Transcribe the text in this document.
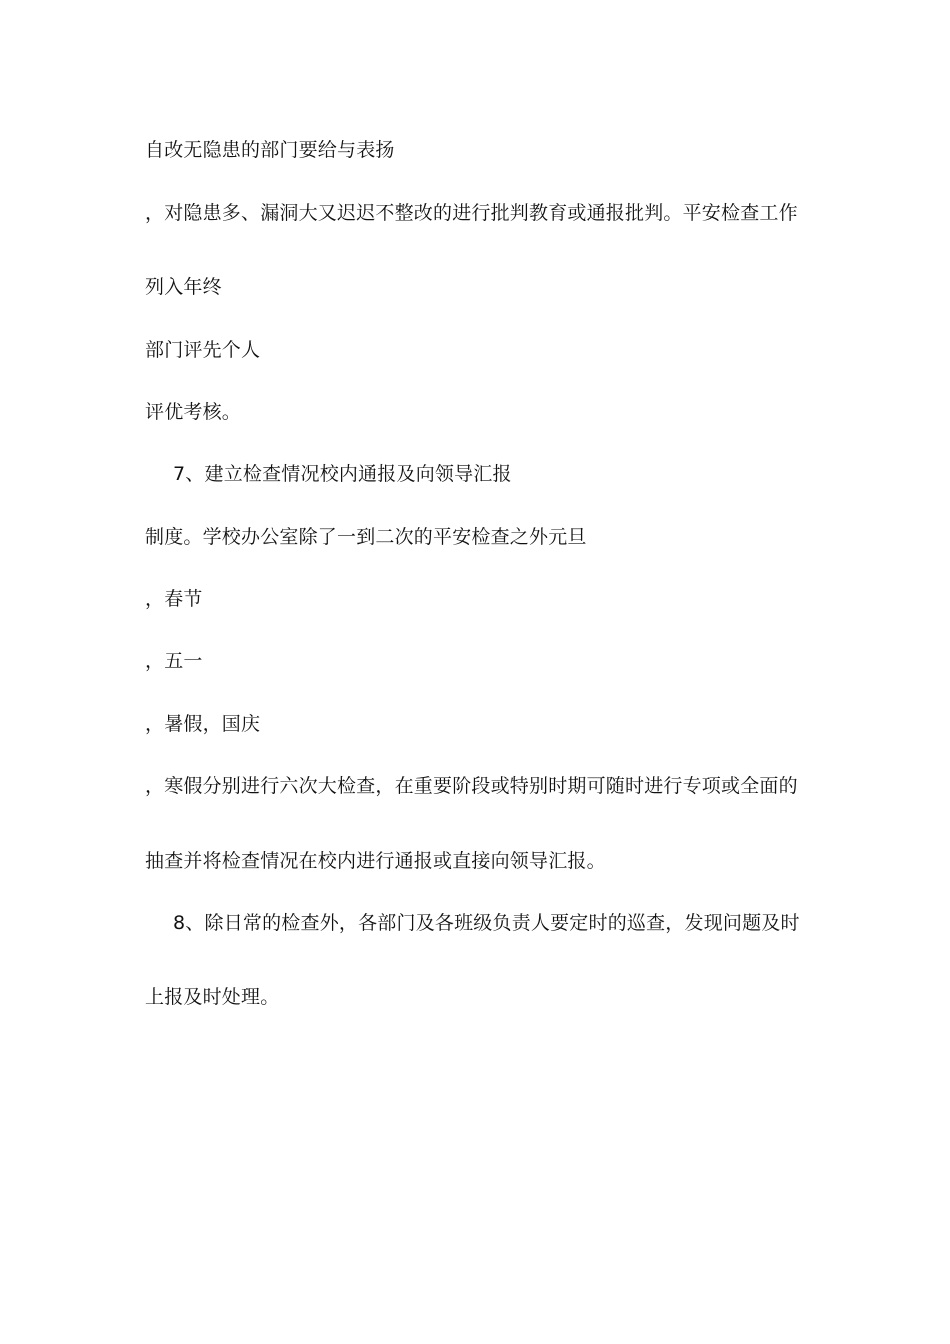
自改无隐患的部门要给与表扬
，对隐患多、漏洞大又迟迟不整改的进行批判教育或通报批判。平安检查工作
列入年终
部门评先个人
评优考核。
7、建立检查情况校内通报及向领导汇报
制度。学校办公室除了一到二次的平安检查之外元旦
，春节
，五一
，暑假，国庆
，寒假分别进行六次大检查，在重要阶段或特别时期可随时进行专项或全面的
抽查并将检查情况在校内进行通报或直接向领导汇报。
8、除日常的检查外，各部门及各班级负责人要定时的巡查，发现问题及时
上报及时处理。
